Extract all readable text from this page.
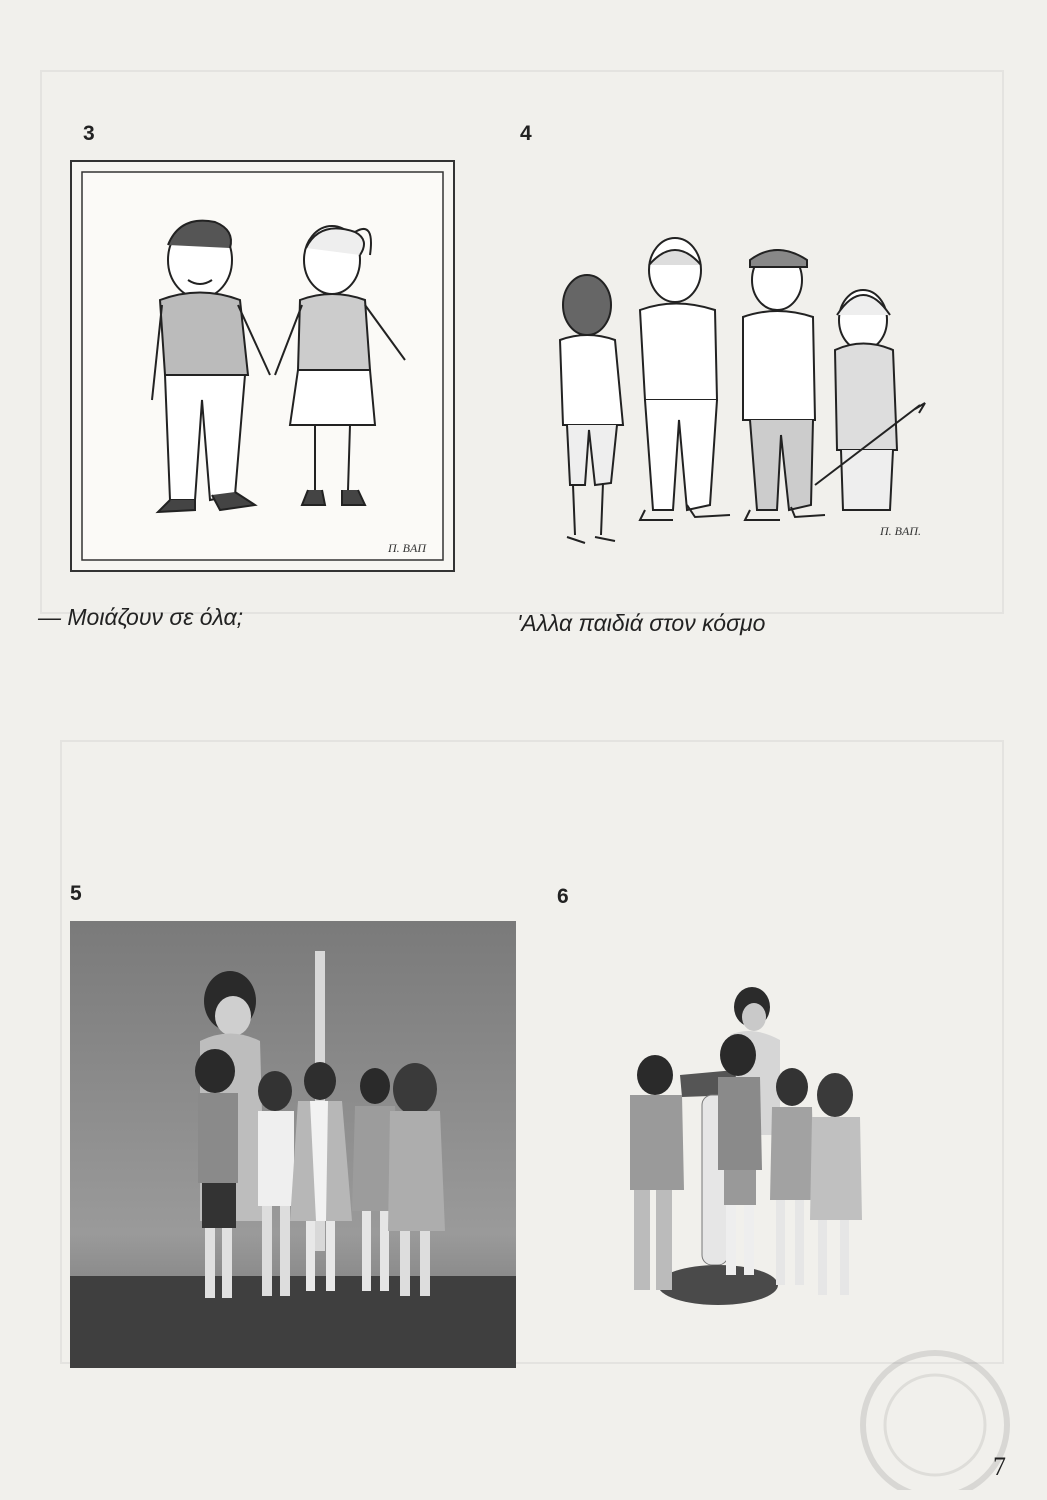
3
Π. ΒΑΠ
— Μοιάζουν σε όλα;
4
Π. ΒΑΠ.
'Αλλα παιδιά στον κόσμο
5	6
7
